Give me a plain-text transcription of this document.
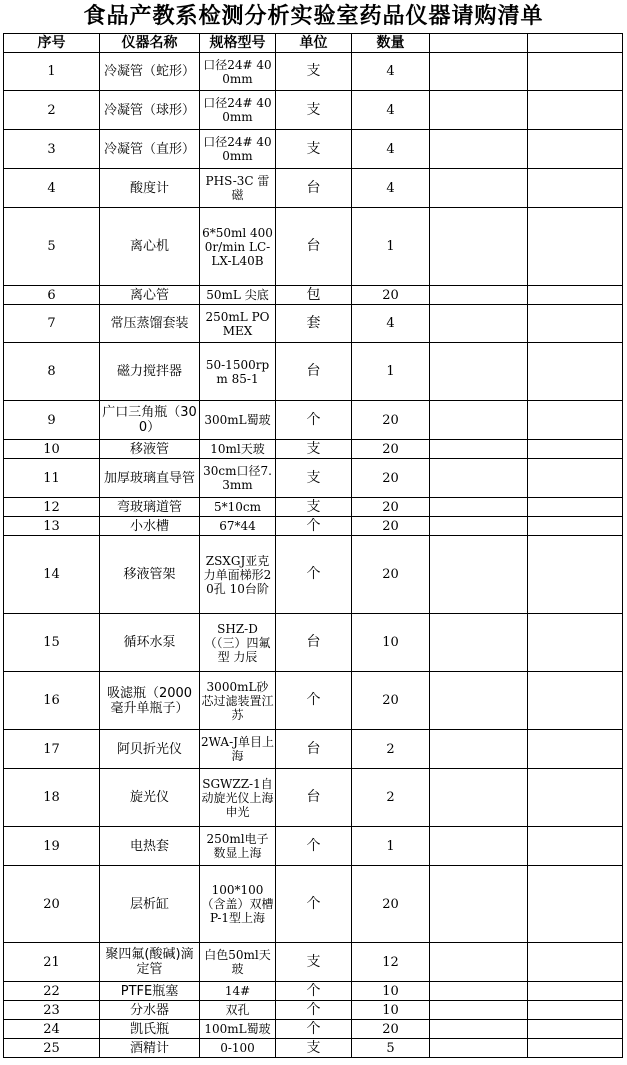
食品产教系检测分析实验室药品仪器请购清单
序号	仪器名称	规格型号	单位	数量		
1	冷凝管（蛇形）	口径24# 400mm	支	4		
2	冷凝管（球形）	口径24# 400mm	支	4		
3	冷凝管（直形）	口径24# 400mm	支	4		
4	酸度计	PHS-3C 雷磁	台	4		
5	离心机	6*50ml 4000r/min LC-LX-L40B	台	1		
6	离心管	50mL 尖底	包	20		
7	常压蒸馏套装	250mL POMEX	套	4		
8	磁力搅拌器	50-1500rpm 85-1	台	1		
9	广口三角瓶（300）	300mL蜀玻	个	20		
10	移液管	10ml天玻	支	20		
11	加厚玻璃直导管	30cm口径7.3mm	支	20		
12	弯玻璃道管	5*10cm	支	20		
13	小水槽	67*44	个	20		
14	移液管架	ZSXGJ亚克力单面梯形20孔 10台阶	个	20		
15	循环水泵	SHZ-D（（三）四氟型 力辰	台	10		
16	吸滤瓶（2000毫升单瓶子）	3000mL砂芯过滤装置江苏	个	20		
17	阿贝折光仪	2WA-J单目上海	台	2		
18	旋光仪	SGWZZ-1自动旋光仪上海申光	台	2		
19	电热套	250ml电子数显上海	个	1		
20	层析缸	100*100（含盖）双槽P-1型上海	个	20		
21	聚四氟(酸碱)滴定管	白色50ml天玻	支	12		
22	PTFE瓶塞	14#	个	10		
23	分水器	双孔	个	10		
24	凯氏瓶	100mL蜀玻	个	20		
25	酒精计	0-100	支	5		
